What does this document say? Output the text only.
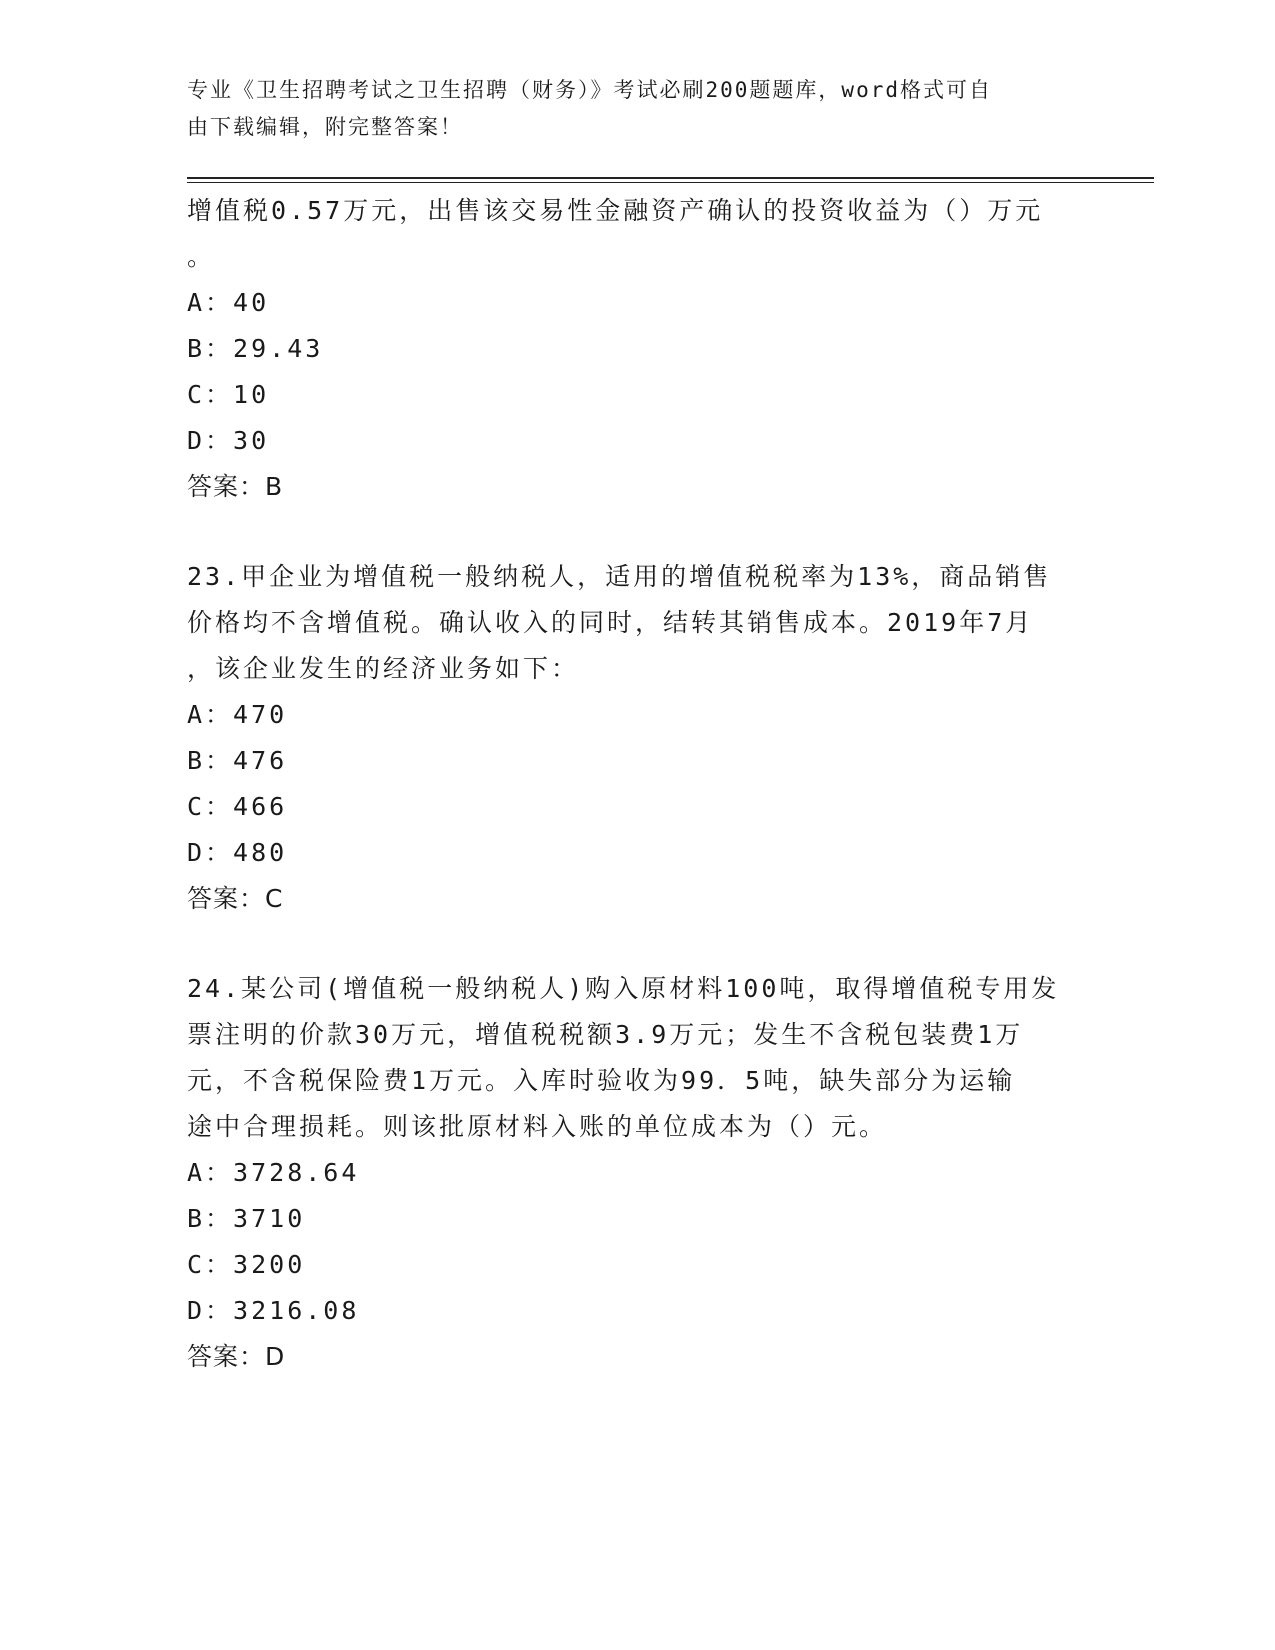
专业《卫生招聘考试之卫生招聘（财务）》考试必刷200题题库，word格式可自
由下载编辑，附完整答案！
增值税0.57万元，出售该交易性金融资产确认的投资收益为（）万元
。
A：40
B：29.43
C：10
D：30
答案：B
23.甲企业为增值税一般纳税人，适用的增值税税率为13%，商品销售
价格均不含增值税。确认收入的同时，结转其销售成本。2019年7月
，该企业发生的经济业务如下：
A：470
B：476
C：466
D：480
答案：C
24.某公司(增值税一般纳税人)购入原材料100吨，取得增值税专用发
票注明的价款30万元，增值税税额3.9万元；发生不含税包装费1万
元，不含税保险费1万元。入库时验收为99．5吨，缺失部分为运输
途中合理损耗。则该批原材料入账的单位成本为（）元。
A：3728.64
B：3710
C：3200
D：3216.08
答案：D
